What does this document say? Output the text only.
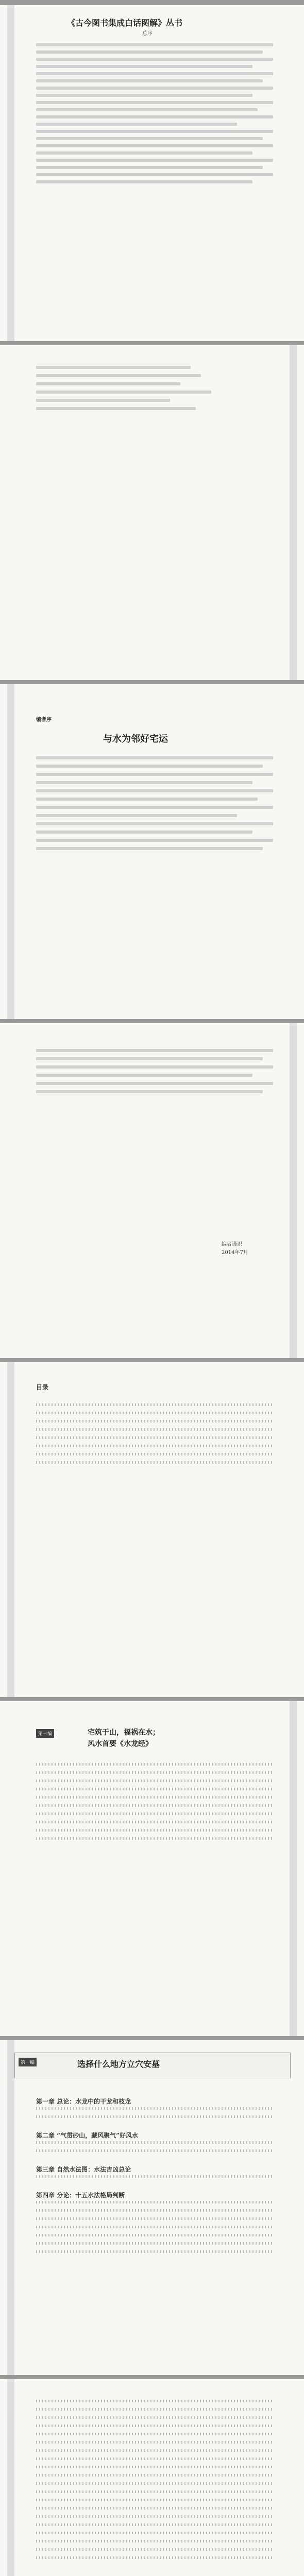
《古今图书集成白话图解》丛书
总序
编者序
与水为邻好宅运
编者谨识
2014年7月
目录
第一编	宅筑于山，福祸在水；
风水首要《水龙经》
第一编	选择什么地方立穴安墓
第一章 总论：水龙中的干龙和枝龙
第二章 “气贯砂山，藏风聚气”好风水
第三章 自然水法图：水法吉凶总论
第四章 分论：十五水法格局判断
